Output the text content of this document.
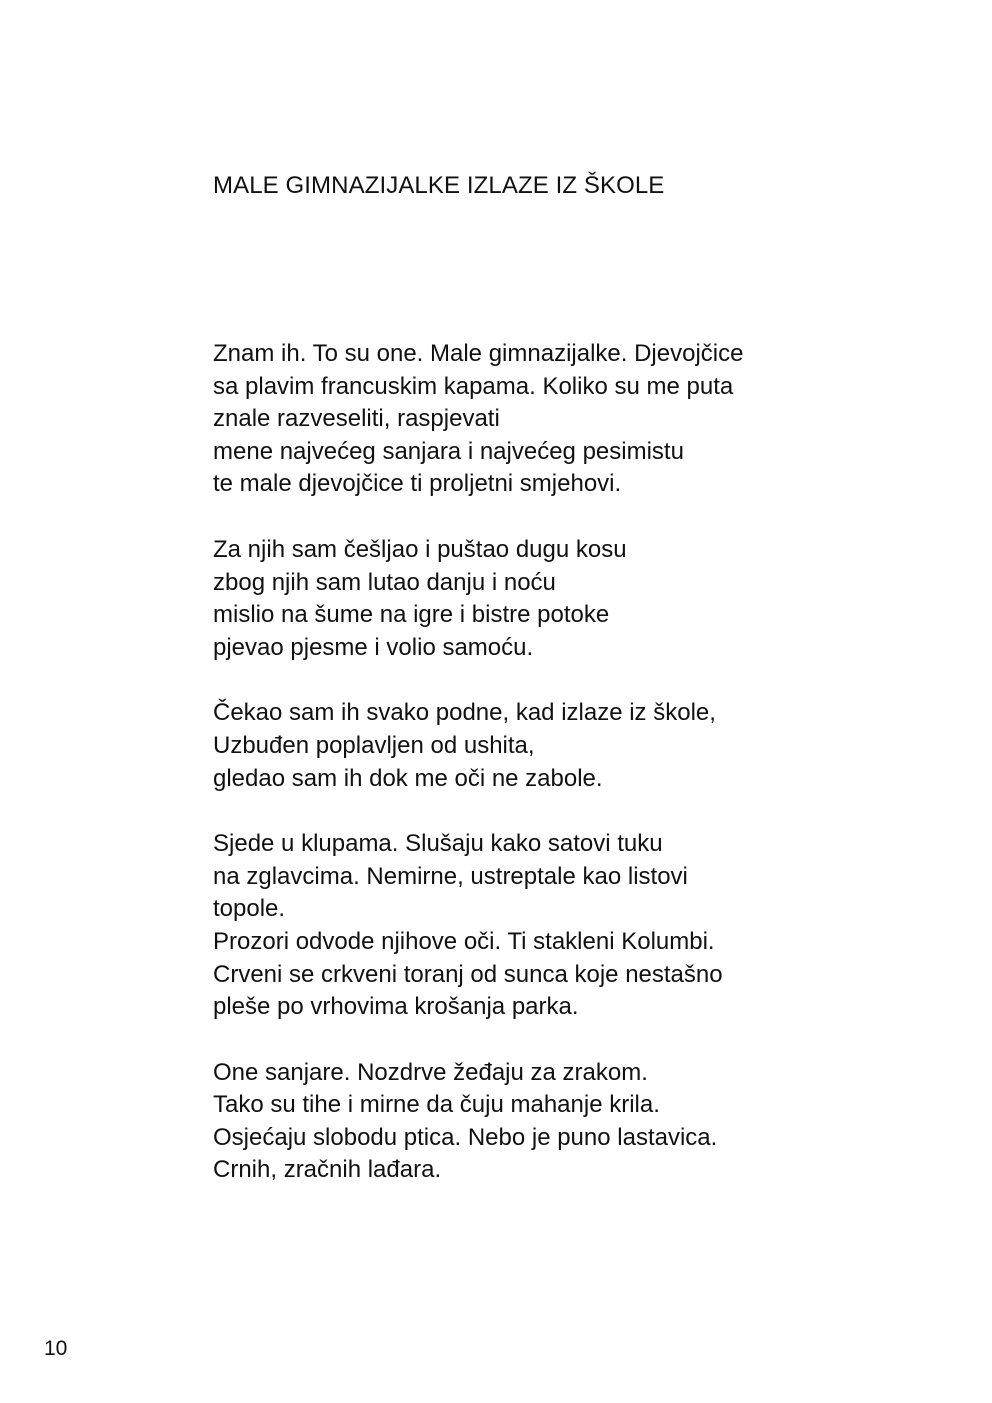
MALE GIMNAZIJALKE IZLAZE IZ ŠKOLE
Znam ih. To su one. Male gimnazijalke. Djevojčice
sa plavim francuskim kapama. Koliko su me puta
znale razveseliti, raspjevati
mene najvećeg sanjara i najvećeg pesimistu
te male djevojčice ti proljetni smjehovi.
Za njih sam češljao i puštao dugu kosu
zbog njih sam lutao danju i noću
mislio na šume na igre i bistre potoke
pjevao pjesme i volio samoću.
Čekao sam ih svako podne, kad izlaze iz škole,
Uzbuđen poplavljen od ushita,
gledao sam ih dok me oči ne zabole.
Sjede u klupama. Slušaju kako satovi tuku
na zglavcima. Nemirne, ustreptale kao listovi
topole.
Prozori odvode njihove oči. Ti stakleni Kolumbi.
Crveni se crkveni toranj od sunca koje nestašno
pleše po vrhovima krošanja parka.
One sanjare. Nozdrve žeđaju za zrakom.
Tako su tihe i mirne da čuju mahanje krila.
Osjećaju slobodu ptica. Nebo je puno lastavica.
Crnih, zračnih lađara.
10
